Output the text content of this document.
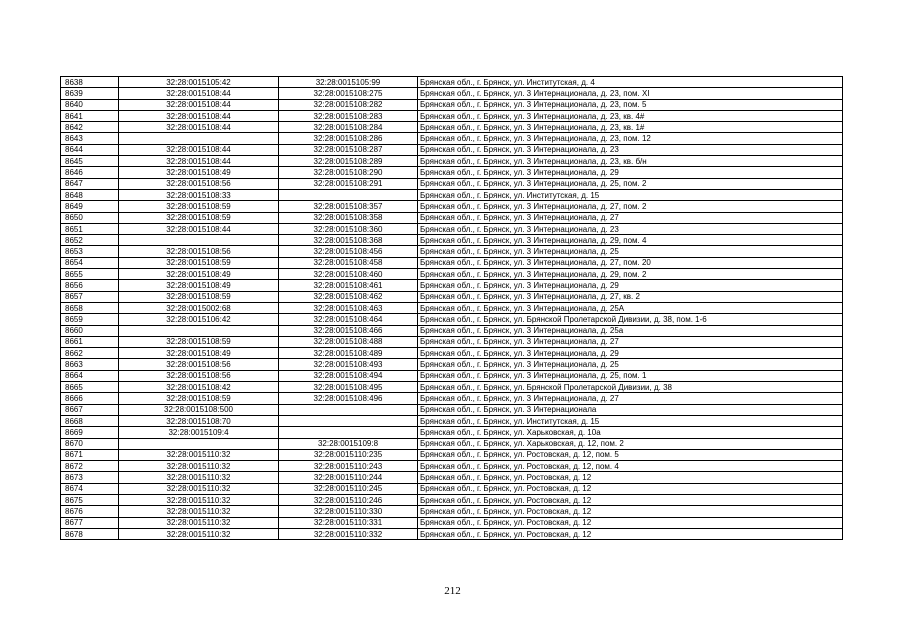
8638	32:28:0015105:42	32:28:0015105:99	Брянская обл., г. Брянск, ул. Институтская, д. 4
8639	32:28:0015108:44	32:28:0015108:275	Брянская обл., г. Брянск, ул. 3 Интернационала, д. 23, пом. XI
8640	32:28:0015108:44	32:28:0015108:282	Брянская обл., г. Брянск, ул. 3 Интернационала, д. 23, пом. 5
8641	32:28:0015108:44	32:28:0015108:283	Брянская обл., г. Брянск, ул. 3 Интернационала, д. 23, кв. 4#
8642	32:28:0015108:44	32:28:0015108:284	Брянская обл., г. Брянск, ул. 3 Интернационала, д. 23, кв. 1#
8643		32:28:0015108:286	Брянская обл., г. Брянск, ул. 3 Интернационала, д. 23, пом. 12
8644	32:28:0015108:44	32:28:0015108:287	Брянская обл., г. Брянск, ул. 3 Интернационала, д. 23
8645	32:28:0015108:44	32:28:0015108:289	Брянская обл., г. Брянск, ул. 3 Интернационала, д. 23, кв. б/н
8646	32:28:0015108:49	32:28:0015108:290	Брянская обл., г. Брянск, ул. 3 Интернационала, д. 29
8647	32:28:0015108:56	32:28:0015108:291	Брянская обл., г. Брянск, ул. 3 Интернационала, д. 25, пом. 2
8648	32:28:0015108:33		Брянская обл., г. Брянск, ул. Институтская, д. 15
8649	32:28:0015108:59	32:28:0015108:357	Брянская обл., г. Брянск, ул. 3 Интернационала, д. 27, пом. 2
8650	32:28:0015108:59	32:28:0015108:358	Брянская обл., г. Брянск, ул. 3 Интернационала, д. 27
8651	32:28:0015108:44	32:28:0015108:360	Брянская обл., г. Брянск, ул. 3 Интернационала, д. 23
8652		32:28:0015108:368	Брянская обл., г. Брянск, ул. 3 Интернационала, д. 29, пом. 4
8653	32:28:0015108:56	32:28:0015108:456	Брянская обл., г. Брянск, ул. 3 Интернационала, д. 25
8654	32:28:0015108:59	32:28:0015108:458	Брянская обл., г. Брянск, ул. 3 Интернационала, д. 27, пом. 20
8655	32:28:0015108:49	32:28:0015108:460	Брянская обл., г. Брянск, ул. 3 Интернационала, д. 29, пом. 2
8656	32:28:0015108:49	32:28:0015108:461	Брянская обл., г. Брянск, ул. 3 Интернационала, д. 29
8657	32:28:0015108:59	32:28:0015108:462	Брянская обл., г. Брянск, ул. 3 Интернационала, д. 27, кв. 2
8658	32:28:0015002:68	32:28:0015108:463	Брянская обл., г. Брянск, ул. 3 Интернационала, д. 25А
8659	32:28:0015106:42	32:28:0015108:464	Брянская обл., г. Брянск, ул. Брянской Пролетарской Дивизии, д. 38, пом. 1-6
8660		32:28:0015108:466	Брянская обл., г. Брянск, ул. 3 Интернационала, д. 25а
8661	32:28:0015108:59	32:28:0015108:488	Брянская обл., г. Брянск, ул. 3 Интернационала, д. 27
8662	32:28:0015108:49	32:28:0015108:489	Брянская обл., г. Брянск, ул. 3 Интернационала, д. 29
8663	32:28:0015108:56	32:28:0015108:493	Брянская обл., г. Брянск, ул. 3 Интернационала, д. 25
8664	32:28:0015108:56	32:28:0015108:494	Брянская обл., г. Брянск, ул. 3 Интернационала, д. 25, пом. 1
8665	32:28:0015108:42	32:28:0015108:495	Брянская обл., г. Брянск, ул. Брянской Пролетарской Дивизии, д. 38
8666	32:28:0015108:59	32:28:0015108:496	Брянская обл., г. Брянск, ул. 3 Интернационала, д. 27
8667	32:28:0015108:500		Брянская обл., г. Брянск, ул. 3 Интернационала
8668	32:28:0015108:70		Брянская обл., г. Брянск, ул. Институтская, д. 15
8669	32:28:0015109:4		Брянская обл., г. Брянск, ул. Харьковская, д. 10а
8670		32:28:0015109:8	Брянская обл., г. Брянск, ул. Харьковская, д. 12, пом. 2
8671	32:28:0015110:32	32:28:0015110:235	Брянская обл., г. Брянск, ул. Ростовская, д. 12, пом. 5
8672	32:28:0015110:32	32:28:0015110:243	Брянская обл., г. Брянск, ул. Ростовская, д. 12, пом. 4
8673	32:28:0015110:32	32:28:0015110:244	Брянская обл., г. Брянск, ул. Ростовская, д. 12
8674	32:28:0015110:32	32:28:0015110:245	Брянская обл., г. Брянск, ул. Ростовская, д. 12
8675	32:28:0015110:32	32:28:0015110:246	Брянская обл., г. Брянск, ул. Ростовская, д. 12
8676	32:28:0015110:32	32:28:0015110:330	Брянская обл., г. Брянск, ул. Ростовская, д. 12
8677	32:28:0015110:32	32:28:0015110:331	Брянская обл., г. Брянск, ул. Ростовская, д. 12
8678	32:28:0015110:32	32:28:0015110:332	Брянская обл., г. Брянск, ул. Ростовская, д. 12
212
